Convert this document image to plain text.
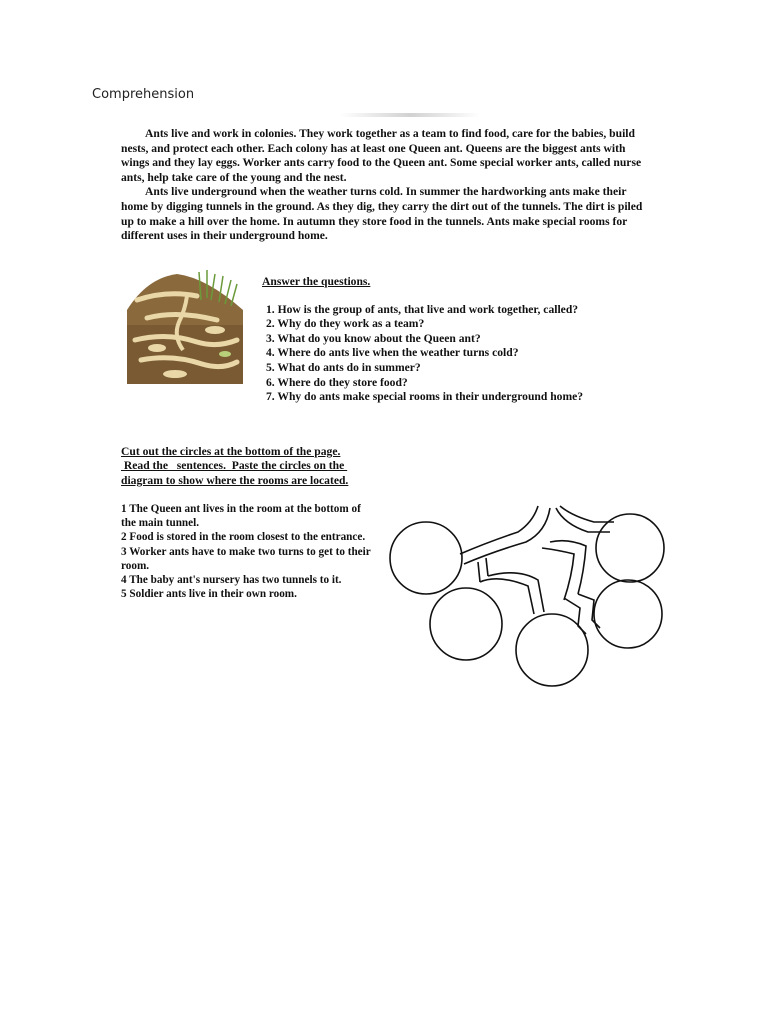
Comprehension

Ants live and work in colonies. They work together as a team to find food, care for the babies, build nests, and protect each other. Each colony has at least one Queen ant. Queens are the biggest ants with wings and they lay eggs. Worker ants carry food to the Queen ant. Some special worker ants, called nurse ants, help take care of the young and the nest.

Ants live underground when the weather turns cold. In summer the hardworking ants make their home by digging tunnels in the ground. As they dig, they carry the dirt out of the tunnels. The dirt is piled up to make a hill over the home. In autumn they store food in the tunnels. Ants make special rooms for different uses in their underground home.

Answer the questions.
1. How is the group of ants, that live and work together, called?
2. Why do they work as a team?
3. What do you know about the Queen ant?
4. Where do ants live when the weather turns cold?
5. What do ants do in summer?
6. Where do they store food?
7. Why do ants make special rooms in their underground home?
Cut out the circles at the bottom of the page.
Read the   sentences.  Paste the circles on the
diagram to show where the rooms are located.
1 The Queen ant lives in the room at the bottom of the main tunnel.
2 Food is stored in the room closest to the entrance.
3 Worker ants have to make two turns to get to their room.
4 The baby ant's nursery has two tunnels to it.
5 Soldier ants live in their own room.
